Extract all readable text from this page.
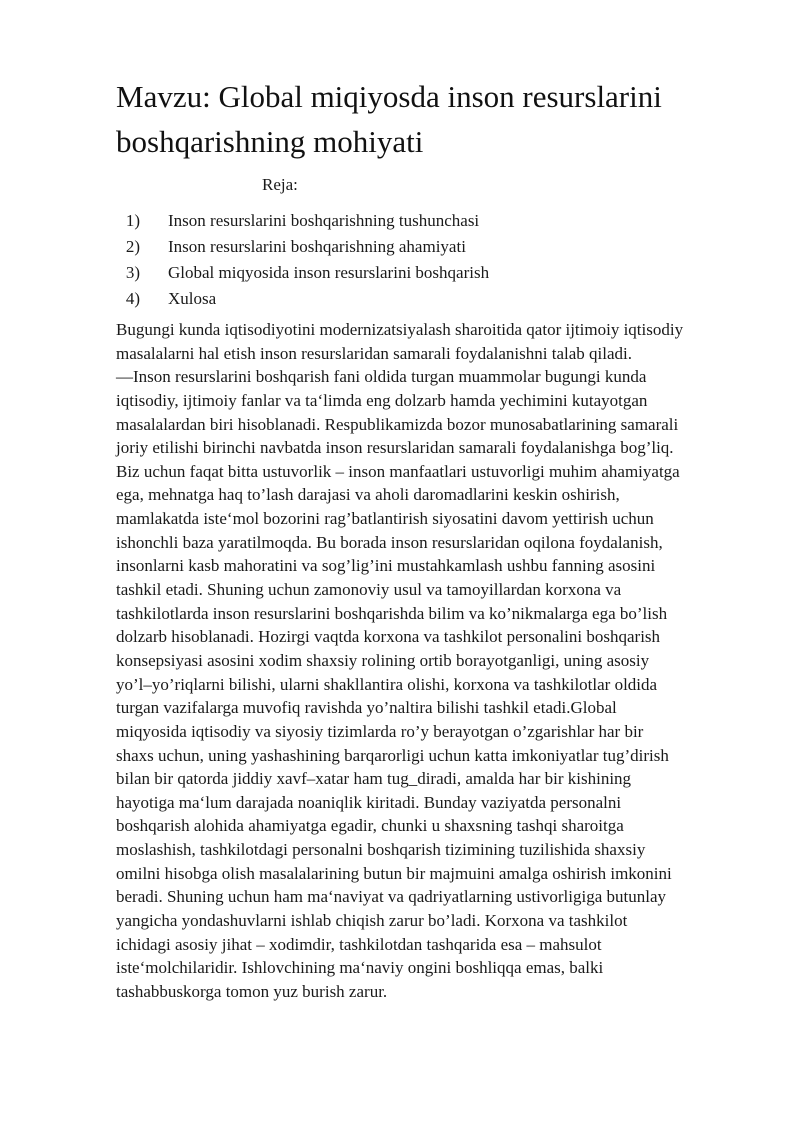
Mavzu: Global miqiyosda inson resurslarini
boshqarishning mohiyati

Reja:

1) Inson resurslarini boshqarishning tushunchasi
2) Inson resurslarini boshqarishning ahamiyati
3) Global miqyosida inson resurslarini boshqarish
4) Xulosa
Bugungi kunda iqtisodiyotini modernizatsiyalash sharoitida qator ijtimoiy iqtisodiy
masalalarni hal etish inson resurslaridan samarali foydalanishni talab qiladi.
―Inson resurslarini boshqarish fani oldida turgan muammolar bugungi kunda
iqtisodiy, ijtimoiy fanlar va ta‘limda eng dolzarb hamda yechimini kutayotgan
masalalardan biri hisoblanadi. Respublikamizda bozor munosabatlarining samarali
joriy etilishi birinchi navbatda inson resurslaridan samarali foydalanishga bog’liq.
Biz uchun faqat bitta ustuvorlik – inson manfaatlari ustuvorligi muhim ahamiyatga
ega, mehnatga haq to’lash darajasi va aholi daromadlarini keskin oshirish,
mamlakatda iste‘mol bozorini rag’batlantirish siyosatini davom yettirish uchun
ishonchli baza yaratilmoqda. Bu borada inson resurslaridan oqilona foydalanish,
insonlarni kasb mahoratini va sog’lig’ini mustahkamlash ushbu fanning asosini
tashkil etadi. Shuning uchun zamonoviy usul va tamoyillardan korxona va
tashkilotlarda inson resurslarini boshqarishda bilim va ko’nikmalarga ega bo’lish
dolzarb hisoblanadi. Hozirgi vaqtda korxona va tashkilot personalini boshqarish
konsepsiyasi asosini xodim shaxsiy rolining ortib borayotganligi, uning asosiy
yo’l–yo’riqlarni bilishi, ularni shakllantira olishi, korxona va tashkilotlar oldida
turgan vazifalarga muvofiq ravishda yo’naltira bilishi tashkil etadi.Global
miqyosida iqtisodiy va siyosiy tizimlarda ro’y berayotgan o’zgarishlar har bir
shaxs uchun, uning yashashining barqarorligi uchun katta imkoniyatlar tug’dirish
bilan bir qatorda jiddiy xavf–xatar ham tug_diradi, amalda har bir kishining
hayotiga ma‘lum darajada noaniqlik kiritadi. Bunday vaziyatda personalni
boshqarish alohida ahamiyatga egadir, chunki u shaxsning tashqi sharoitga
moslashish, tashkilotdagi personalni boshqarish tizimining tuzilishida shaxsiy
omilni hisobga olish masalalarining butun bir majmuini amalga oshirish imkonini
beradi. Shuning uchun ham ma‘naviyat va qadriyatlarning ustivorligiga butunlay
yangicha yondashuvlarni ishlab chiqish zarur bo’ladi. Korxona va tashkilot
ichidagi asosiy jihat – xodimdir, tashkilotdan tashqarida esa – mahsulot
iste‘molchilaridir. Ishlovchining ma‘naviy ongini boshliqqa emas, balki
tashabbuskorga tomon yuz burish zarur.
